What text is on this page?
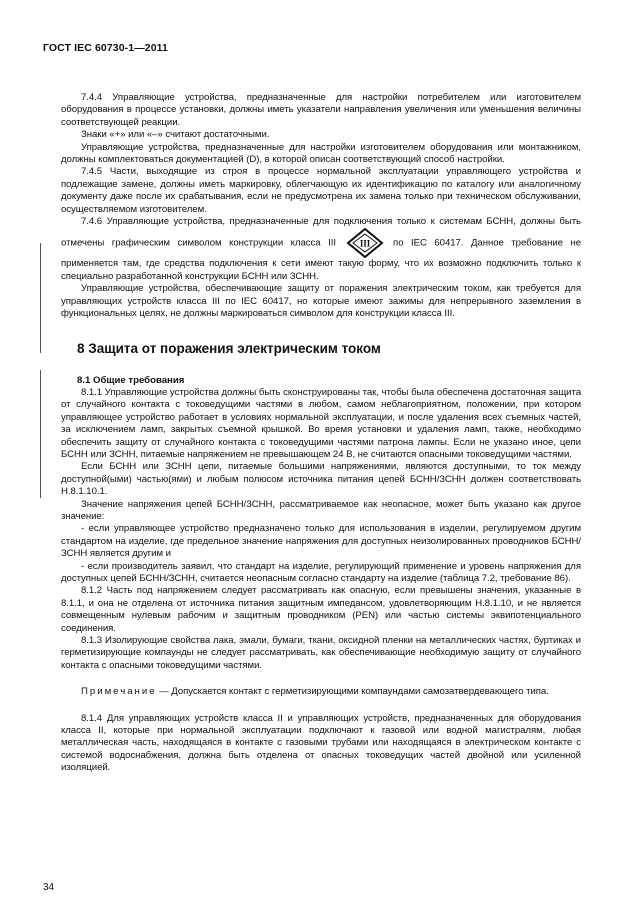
ГОСТ IEC 60730-1—2011

7.4.4 Управляющие устройства, предназначенные для настройки потребителем или изготовителем оборудования в процессе установки, должны иметь указатели направления увеличения или уменьшения величины соответствующей реакции.

Знаки «+» или «–» считают достаточными.

Управляющие устройства, предназначенные для настройки изготовителем оборудования или монтажником, должны комплектоваться документацией (D), в которой описан соответствующий способ настройки.

7.4.5 Части, выходящие из строя в процессе нормальной эксплуатации управляющего устройства и подлежащие замене, должны иметь маркировку, облегчающую их идентификацию по каталогу или аналогичному документу даже после их срабатывания, если не предусмотрена их замена только при техническом обслуживании, осуществляемом изготовителем.

7.4.6 Управляющие устройства, предназначенные для подключения только к системам БСНН, должны быть отмечены графическим символом конструкции класса III	III по IEC 60417. Данное требование не применяется там, где средства подключения к сети имеют такую форму, что их возможно подключить только к специально разработанной конструкции БСНН или ЗСНН.

Управляющие устройства, обеспечивающие защиту от поражения электрическим током, как требуется для управляющих устройств класса III по IEC 60417, но которые имеют зажимы для непрерывного заземления в функциональных целях, не должны маркироваться символом для конструкции класса III.

8 Защита от поражения электрическим током
8.1 Общие требования

8.1.1 Управляющие устройства должны быть сконструированы так, чтобы была обеспечена достаточная защита от случайного контакта с токоведущими частями в любом, самом неблагоприятном, положении, при котором управляющее устройство работает в условиях нормальной эксплуатации, и после удаления всех съемных частей, за исключением ламп, закрытых съемной крышкой. Во время установки и удаления ламп, также, необходимо обеспечить защиту от случайного контакта с токоведущими частями патрона лампы. Если не указано иное, цепи БСНН или ЗСНН, питаемые напряжением не превышающем 24 В, не считаются опасными токоведущими частями.

Если БСНН или ЗСНН цепи, питаемые большими напряжениями, являются доступными, то ток между доступной(ыми) частью(ями) и любым полюсом источника питания цепей БСНН/ЗСНН должен соответствовать Н.8.1.10.1.

Значение напряжения цепей БСНН/ЗСНН, рассматриваемое как неопасное, может быть указано как другое значение:

- если управляющее устройство предназначено только для использования в изделии, регулируемом другим стандартом на изделие, где предельное значение напряжения для доступных неизолированных проводников БСНН/ЗСНН является другим и

- если производитель заявил, что стандарт на изделие, регулирующий применение и уровень напряжения для доступных цепей БСНН/ЗСНН, считается неопасным согласно стандарту на изделие (таблица 7.2, требование 86).

8.1.2 Часть под напряжением следует рассматривать как опасную, если превышены значения, указанные в 8.1.1, и она не отделена от источника питания защитным импедансом, удовлетворяющим Н.8.1.10, и не является совмещенным нулевым рабочим и защитным проводником (PEN) или частью системы эквипотенциального соединения.

8.1.3 Изолирующие свойства лака, эмали, бумаги, ткани, оксидной пленки на металлических частях, буртиках и герметизирующие компаунды не следует рассматривать, как обеспечивающие необходимую защиту от случайного контакта с опасными токоведущими частями.

Примечание — Допускается контакт с герметизирующими компаундами самозатвердевающего типа.

8.1.4 Для управляющих устройств класса II и управляющих устройств, предназначенных для оборудования класса II, которые при нормальной эксплуатации подключают к газовой или водной магистралям, любая металлическая часть, находящаяся в контакте с газовыми трубами или находящаяся в электрическом контакте с системой водоснабжения, должна быть отделена от опасных токоведущих частей двойной или усиленной изоляцией.

34
